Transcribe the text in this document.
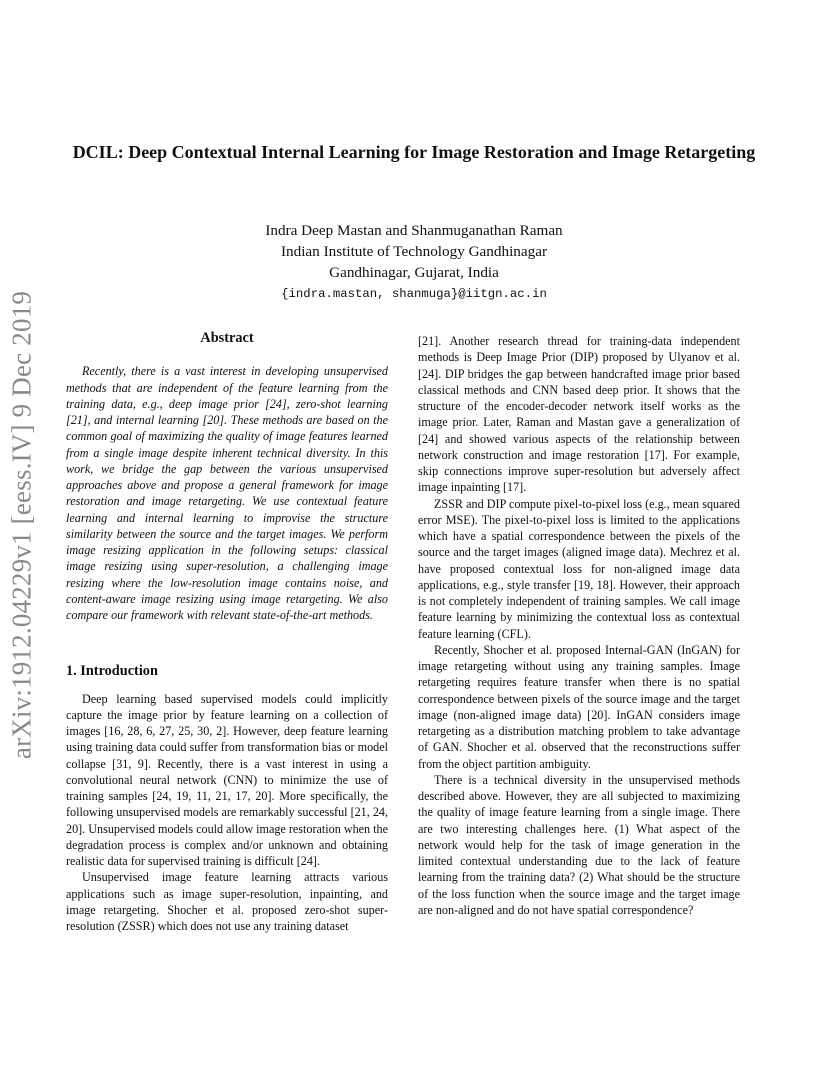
arXiv:1912.04229v1 [eess.IV] 9 Dec 2019
DCIL: Deep Contextual Internal Learning for Image Restoration and Image Retargeting
Indra Deep Mastan and Shanmuganathan Raman
Indian Institute of Technology Gandhinagar
Gandhinagar, Gujarat, India
{indra.mastan, shanmuga}@iitgn.ac.in
Abstract

Recently, there is a vast interest in developing unsupervised methods that are independent of the feature learning from the training data, e.g., deep image prior [24], zero-shot learning [21], and internal learning [20]. These methods are based on the common goal of maximizing the quality of image features learned from a single image despite inherent technical diversity. In this work, we bridge the gap between the various unsupervised approaches above and propose a general framework for image restoration and image retargeting. We use contextual feature learning and internal learning to improvise the structure similarity between the source and the target images. We perform image resizing application in the following setups: classical image resizing using super-resolution, a challenging image resizing where the low-resolution image contains noise, and content-aware image resizing using image retargeting. We also compare our framework with relevant state-of-the-art methods.

1. Introduction

Deep learning based supervised models could implicitly capture the image prior by feature learning on a collection of images [16, 28, 6, 27, 25, 30, 2]. However, deep feature learning using training data could suffer from transformation bias or model collapse [31, 9]. Recently, there is a vast interest in using a convolutional neural network (CNN) to minimize the use of training samples [24, 19, 11, 21, 17, 20]. More specifically, the following unsupervised models are remarkably successful [21, 24, 20]. Unsupervised models could allow image restoration when the degradation process is complex and/or unknown and obtaining realistic data for supervised training is difficult [24].

Unsupervised image feature learning attracts various applications such as image super-resolution, inpainting, and image retargeting. Shocher et al. proposed zero-shot super-resolution (ZSSR) which does not use any training dataset

[21]. Another research thread for training-data independent methods is Deep Image Prior (DIP) proposed by Ulyanov et al. [24]. DIP bridges the gap between handcrafted image prior based classical methods and CNN based deep prior. It shows that the structure of the encoder-decoder network itself works as the image prior. Later, Raman and Mastan gave a generalization of [24] and showed various aspects of the relationship between network construction and image restoration [17]. For example, skip connections improve super-resolution but adversely affect image inpainting [17].

ZSSR and DIP compute pixel-to-pixel loss (e.g., mean squared error MSE). The pixel-to-pixel loss is limited to the applications which have a spatial correspondence between the pixels of the source and the target images (aligned image data). Mechrez et al. have proposed contextual loss for non-aligned image data applications, e.g., style transfer [19, 18]. However, their approach is not completely independent of training samples. We call image feature learning by minimizing the contextual loss as contextual feature learning (CFL).

Recently, Shocher et al. proposed Internal-GAN (InGAN) for image retargeting without using any training samples. Image retargeting requires feature transfer when there is no spatial correspondence between pixels of the source image and the target image (non-aligned image data) [20]. InGAN considers image retargeting as a distribution matching problem to take advantage of GAN. Shocher et al. observed that the reconstructions suffer from the object partition ambiguity.

There is a technical diversity in the unsupervised methods described above. However, they are all subjected to maximizing the quality of image feature learning from a single image. There are two interesting challenges here. (1) What aspect of the network would help for the task of image generation in the limited contextual understanding due to the lack of feature learning from the training data? (2) What should be the structure of the loss function when the source image and the target image are non-aligned and do not have spatial correspondence?
